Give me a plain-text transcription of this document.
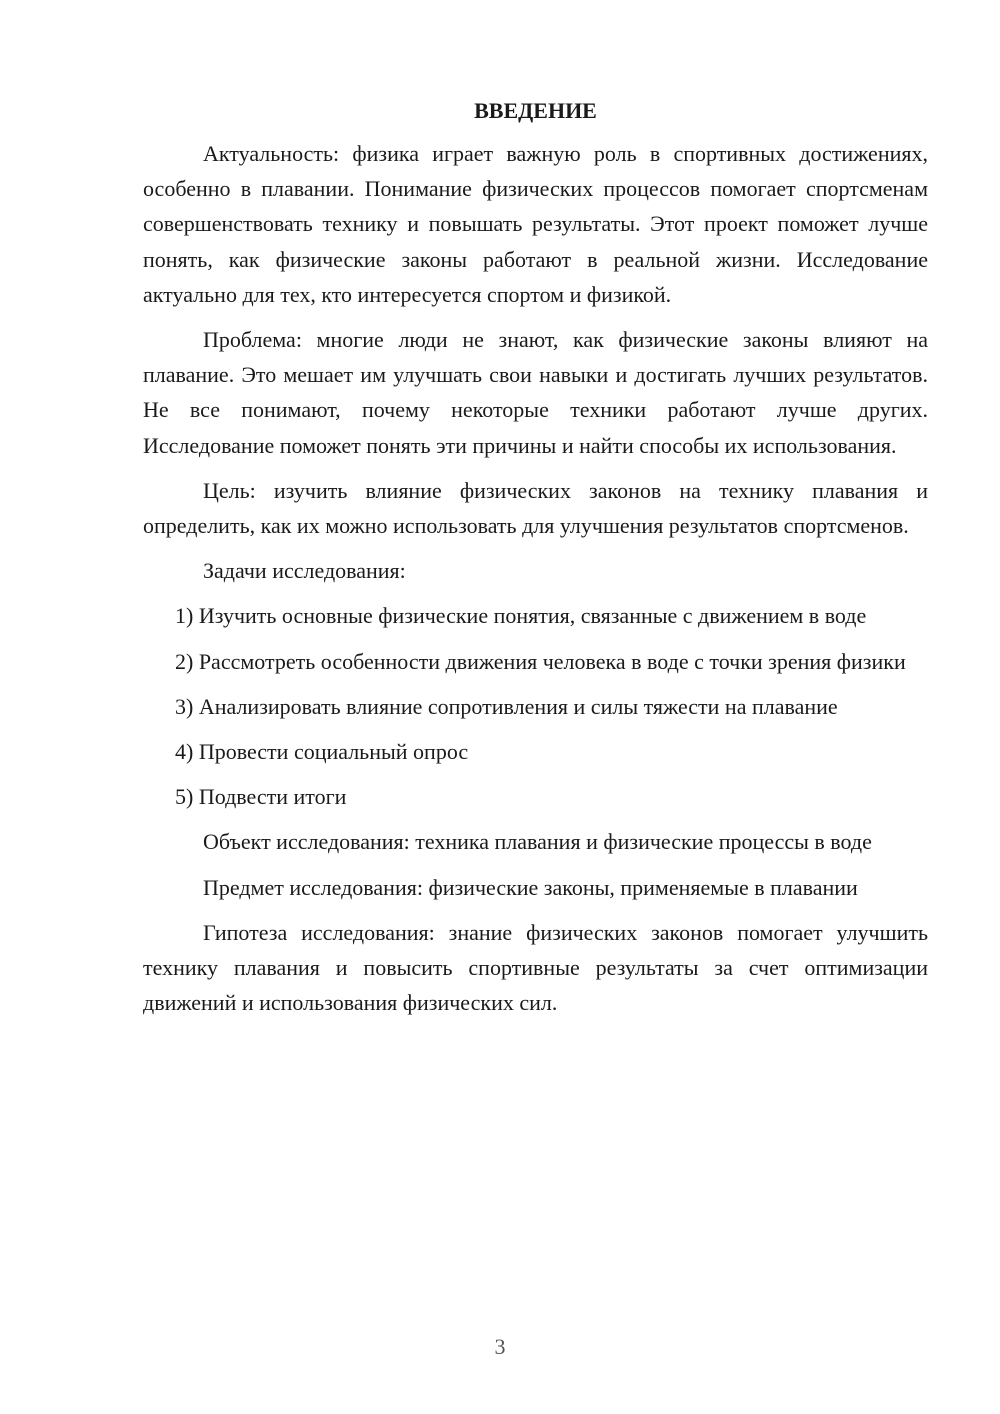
ВВЕДЕНИЕ

Актуальность: физика играет важную роль в спортивных достижениях, особенно в плавании. Понимание физических процессов помогает спортсменам совершенствовать технику и повышать результаты. Этот проект поможет лучше понять, как физические законы работают в реальной жизни. Исследование актуально для тех, кто интересуется спортом и физикой.

Проблема: многие люди не знают, как физические законы влияют на плавание. Это мешает им улучшать свои навыки и достигать лучших результатов. Не все понимают, почему некоторые техники работают лучше других. Исследование поможет понять эти причины и найти способы их использования.

Цель: изучить влияние физических законов на технику плавания и определить, как их можно использовать для улучшения результатов спортсменов.

Задачи исследования:

1) Изучить основные физические понятия, связанные с движением в воде

2) Рассмотреть особенности движения человека в воде с точки зрения физики

3) Анализировать влияние сопротивления и силы тяжести на плавание

4) Провести социальный опрос

5) Подвести итоги

Объект исследования: техника плавания и физические процессы в воде

Предмет исследования: физические законы, применяемые в плавании

Гипотеза исследования: знание физических законов помогает улучшить технику плавания и повысить спортивные результаты за счет оптимизации движений и использования физических сил.

3
